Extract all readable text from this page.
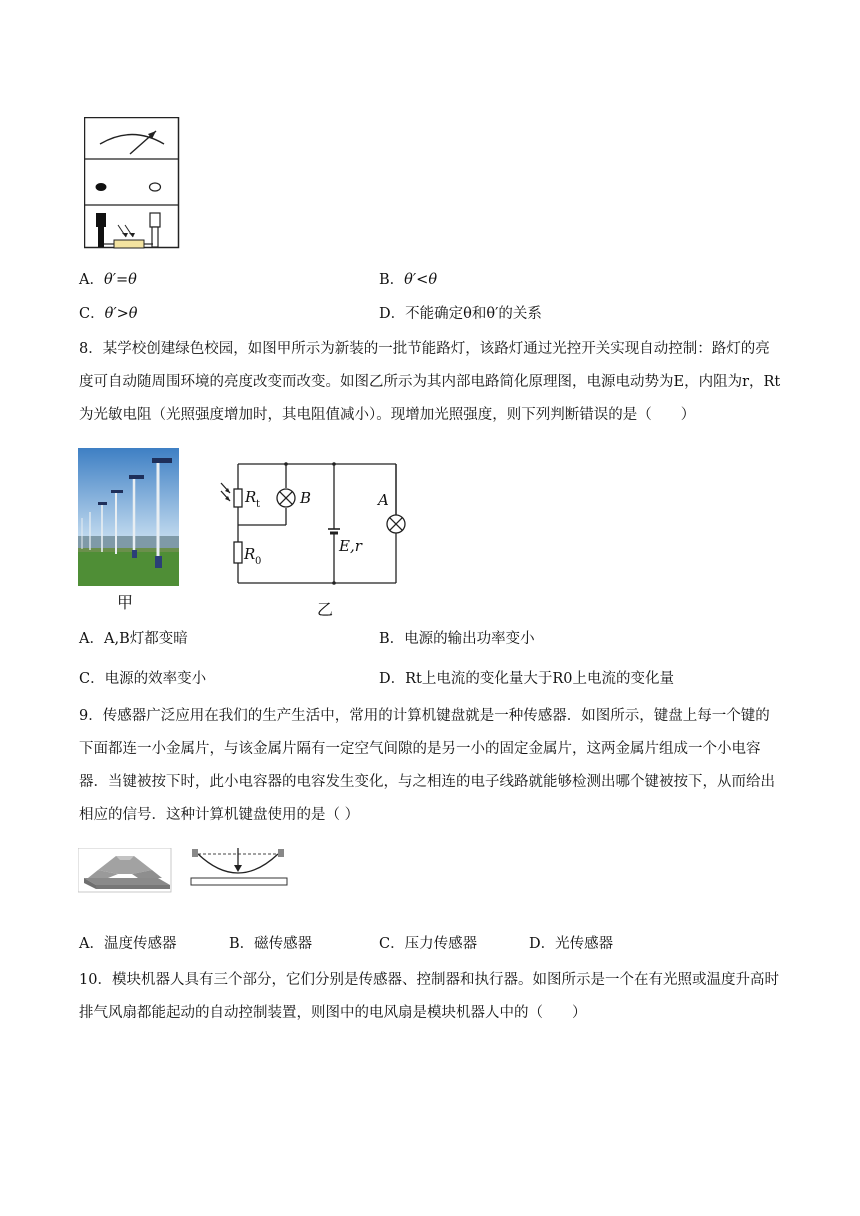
A．θ′=θ	B．θ′<θ
C．θ′>θ	D．不能确定θ和θ′的关系
8．某学校创建绿色校园，如图甲所示为新装的一批节能路灯，该路灯通过光控开关实现自动控制：路灯的亮度可自动随周围环境的亮度改变而改变。如图乙所示为其内部电路简化原理图，电源电动势为E，内阻为r，Rt为光敏电阻（光照强度增加时，其电阻值减小）。现增加光照强度，则下列判断错误的是（　　）
甲
R t	B	A
R 0
E,r
乙
A．A,B灯都变暗	B．电源的输出功率变小
C．电源的效率变小	D．Rt上电流的变化量大于R0上电流的变化量
9．传感器广泛应用在我们的生产生活中，常用的计算机键盘就是一种传感器．如图所示，键盘上每一个键的下面都连一小金属片，与该金属片隔有一定空气间隙的是另一小的固定金属片，这两金属片组成一个小电容器．当键被按下时，此小电容器的电容发生变化，与之相连的电子线路就能够检测出哪个键被按下，从而给出相应的信号．这种计算机键盘使用的是（ ）
A．温度传感器	B．磁传感器	C．压力传感器	D．光传感器
10．模块机器人具有三个部分，它们分别是传感器、控制器和执行器。如图所示是一个在有光照或温度升高时排气风扇都能起动的自动控制装置，则图中的电风扇是模块机器人中的（　　）
